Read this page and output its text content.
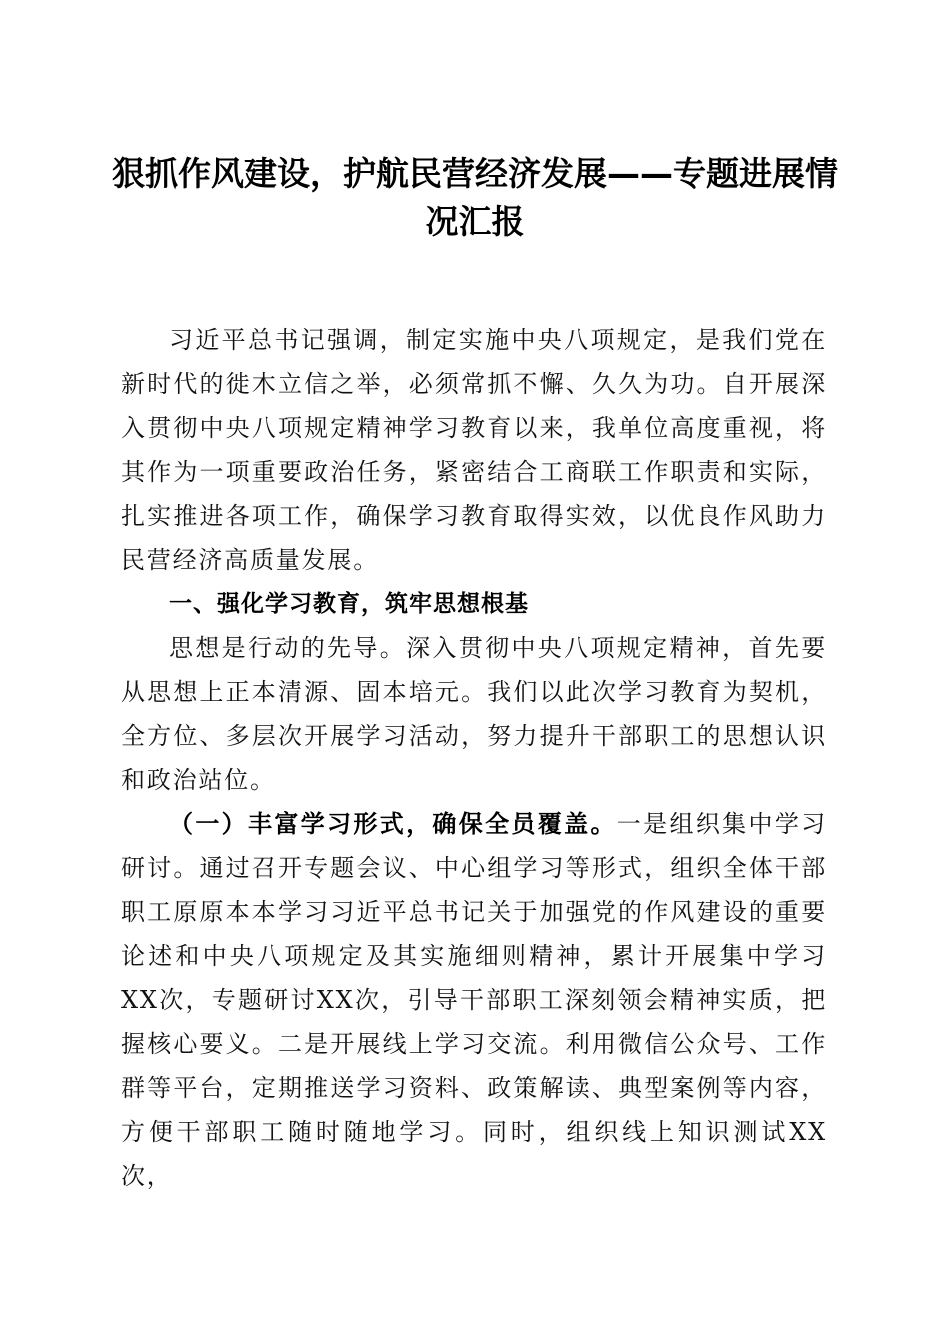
狠抓作风建设，护航民营经济发展——专题进展情况汇报

习近平总书记强调，制定实施中央八项规定，是我们党在新时代的徙木立信之举，必须常抓不懈、久久为功。自开展深入贯彻中央八项规定精神学习教育以来，我单位高度重视，将其作为一项重要政治任务，紧密结合工商联工作职责和实际，扎实推进各项工作，确保学习教育取得实效，以优良作风助力民营经济高质量发展。

一、强化学习教育，筑牢思想根基

思想是行动的先导。深入贯彻中央八项规定精神，首先要从思想上正本清源、固本培元。我们以此次学习教育为契机，全方位、多层次开展学习活动，努力提升干部职工的思想认识和政治站位。

（一）丰富学习形式，确保全员覆盖。一是组织集中学习研讨。通过召开专题会议、中心组学习等形式，组织全体干部职工原原本本学习习近平总书记关于加强党的作风建设的重要论述和中央八项规定及其实施细则精神，累计开展集中学习XX次，专题研讨XX次，引导干部职工深刻领会精神实质，把握核心要义。二是开展线上学习交流。利用微信公众号、工作群等平台，定期推送学习资料、政策解读、典型案例等内容，方便干部职工随时随地学习。同时，组织线上知识测试XX次，
